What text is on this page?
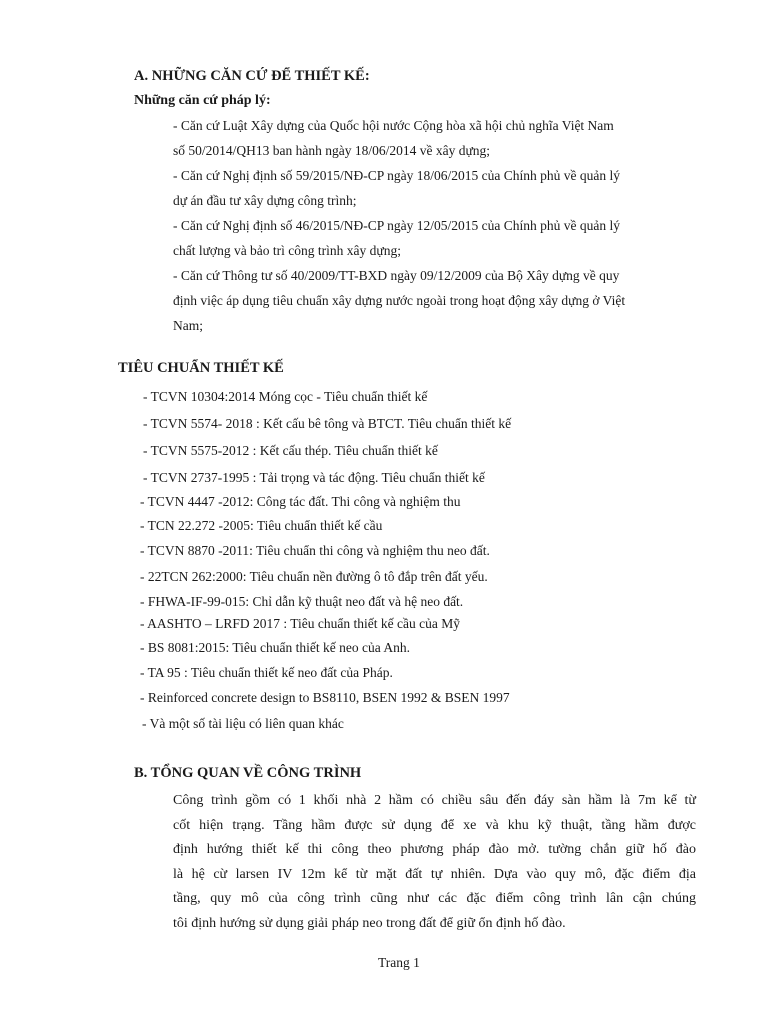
A. NHỮNG CĂN CỨ ĐỂ THIẾT KẾ:
Những căn cứ pháp lý:
- Căn cứ Luật Xây dựng của Quốc hội nước Cộng hòa xã hội chủ nghĩa Việt Nam
số 50/2014/QH13 ban hành ngày 18/06/2014 về xây dựng;
- Căn cứ Nghị định số 59/2015/NĐ-CP ngày 18/06/2015 của Chính phủ về quản lý
dự án đầu tư xây dựng công trình;
- Căn cứ Nghị định số 46/2015/NĐ-CP ngày 12/05/2015 của Chính phủ về quản lý
chất lượng và bảo trì công trình xây dựng;
- Căn cứ Thông tư số 40/2009/TT-BXD ngày 09/12/2009 của Bộ Xây dựng về quy
định việc áp dụng tiêu chuẩn xây dựng nước ngoài trong hoạt động xây dựng ở Việt
Nam;
TIÊU CHUẨN THIẾT KẾ
- TCVN 10304:2014 Móng cọc - Tiêu chuẩn thiết kế
- TCVN 5574- 2018 : Kết cấu bê tông và BTCT. Tiêu chuẩn thiết kế
- TCVN 5575-2012 : Kết cấu thép. Tiêu chuẩn thiết kế
- TCVN 2737-1995 : Tải trọng và tác động. Tiêu chuẩn thiết kế
- TCVN 4447 -2012: Công tác đất. Thi công và nghiệm thu
- TCN 22.272 -2005: Tiêu chuẩn thiết kế cầu
- TCVN 8870 -2011: Tiêu chuẩn thi công và nghiệm thu neo đất.
- 22TCN 262:2000: Tiêu chuẩn nền đường ô tô đắp trên đất yếu.
- FHWA-IF-99-015: Chỉ dẫn kỹ thuật neo đất và hệ neo đất.
- AASHTO – LRFD 2017 : Tiêu chuẩn thiết kế cầu của Mỹ
- BS 8081:2015: Tiêu chuẩn thiết kế neo của Anh.
- TA 95 : Tiêu chuẩn thiết kế neo đất của Pháp.
- Reinforced concrete design to BS8110, BSEN 1992 & BSEN 1997
- Và một số tài liệu có liên quan khác
B. TỔNG QUAN VỀ CÔNG TRÌNH
Công trình gồm có 1 khối nhà 2 hầm có chiều sâu đến đáy sàn hầm là 7m kể từ
cốt hiện trạng. Tầng hầm được sử dụng để xe và khu kỹ thuật, tầng hầm được
định hướng thiết kế thi công theo phương pháp đào mở. tường chắn giữ hố đào
là hệ cừ larsen IV 12m kể từ mặt đất tự nhiên. Dựa vào quy mô, đặc điểm địa
tầng, quy mô của công trình cũng như các đặc điểm công trình lân cận chúng
tôi định hướng sử dụng giải pháp neo trong đất để giữ ổn định hố đào.
Trang 1
